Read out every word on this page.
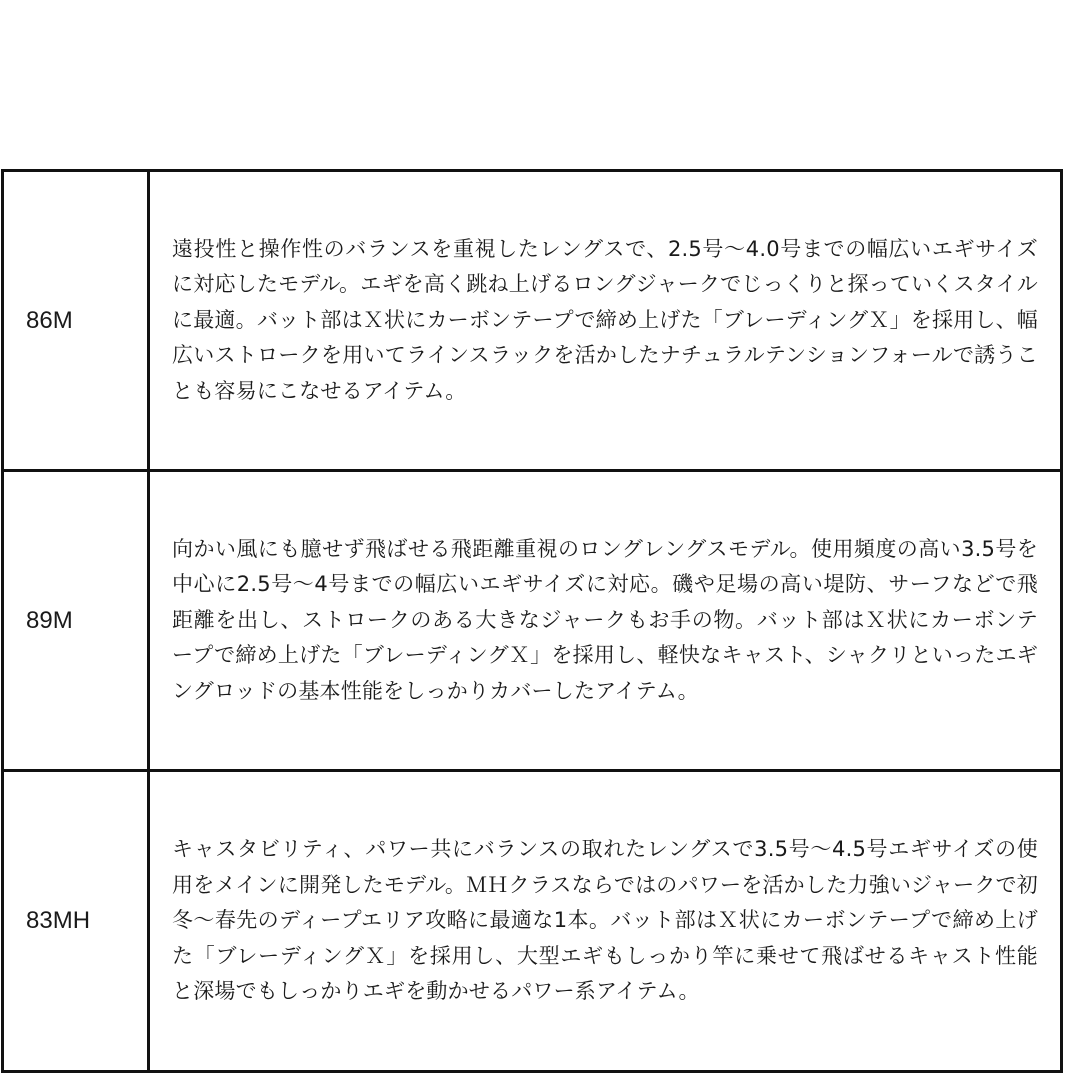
86M	遠投性と操作性のバランスを重視したレングスで、2.5号〜4.0号までの幅広いエギサイズに対応したモデル。エギを高く跳ね上げるロングジャークでじっくりと探っていくスタイルに最適。バット部はＸ状にカーボンテープで締め上げた「ブレーディングＸ」を採用し、幅広いストロークを用いてラインスラックを活かしたナチュラルテンションフォールで誘うことも容易にこなせるアイテム。
89M	向かい風にも臆せず飛ばせる飛距離重視のロングレングスモデル。使用頻度の高い3.5号を中心に2.5号〜4号までの幅広いエギサイズに対応。磯や足場の高い堤防、サーフなどで飛距離を出し、ストロークのある大きなジャークもお手の物。バット部はＸ状にカーボンテープで締め上げた「ブレーディングＸ」を採用し、軽快なキャスト、シャクリといったエギングロッドの基本性能をしっかりカバーしたアイテム。
83MH	キャスタビリティ、パワー共にバランスの取れたレングスで3.5号〜4.5号エギサイズの使用をメインに開発したモデル。ＭＨクラスならではのパワーを活かした力強いジャークで初冬〜春先のディープエリア攻略に最適な1本。バット部はＸ状にカーボンテープで締め上げた「ブレーディングＸ」を採用し、大型エギもしっかり竿に乗せて飛ばせるキャスト性能と深場でもしっかりエギを動かせるパワー系アイテム。
